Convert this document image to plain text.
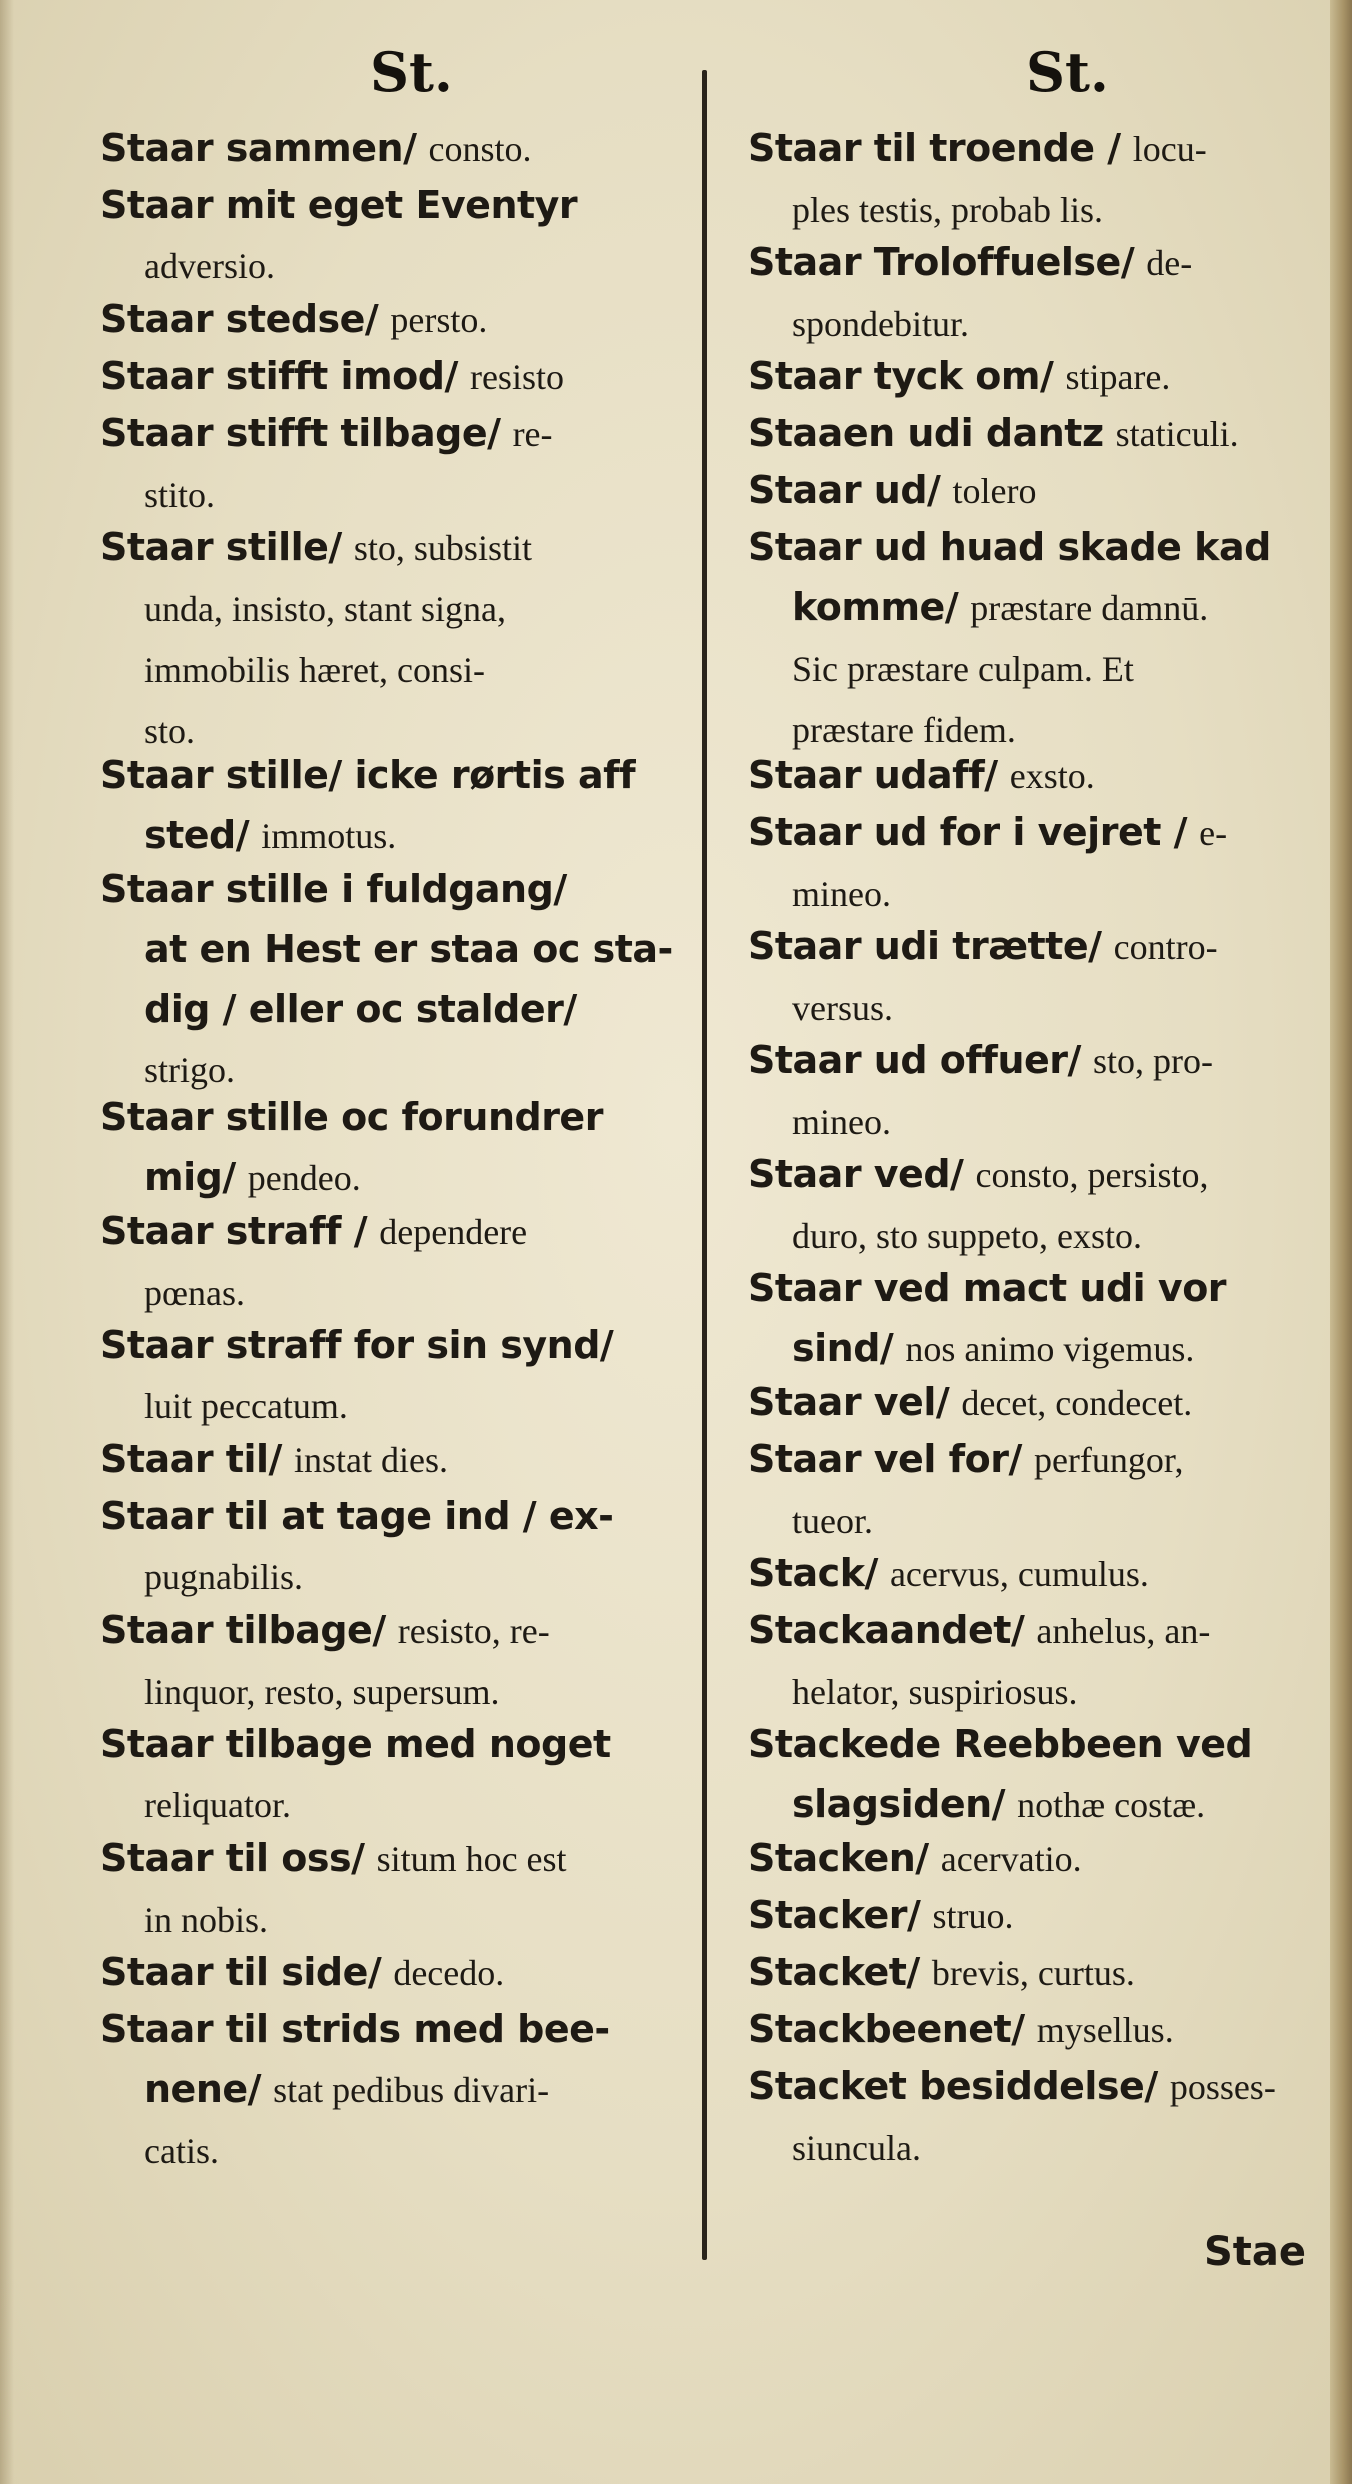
St.	St.
Staar sammen/ consto.
Staar mit eget Eventyr
adversio.
Staar stedse/ persto.
Staar stifft imod/ resisto
Staar stifft tilbage/ re-
stito.
Staar stille/ sto, subsistit
unda, insisto, stant signa,
immobilis hæret, consi-
sto.
Staar stille/ icke rørtis aff
sted/ immotus.
Staar stille i fuldgang/
at en Hest er staa oc sta-
dig / eller oc stalder/
strigo.
Staar stille oc forundrer
mig/ pendeo.
Staar straff / dependere
pœnas.
Staar straff for sin synd/
luit peccatum.
Staar til/ instat dies.
Staar til at tage ind / ex-
pugnabilis.
Staar tilbage/ resisto, re-
linquor, resto, supersum.
Staar tilbage med noget
reliquator.
Staar til oss/ situm hoc est
in nobis.
Staar til side/ decedo.
Staar til strids med bee-
nene/ stat pedibus divari-
catis.
Staar til troende / locu-
ples testis, probab lis.
Staar Troloffuelse/ de-
spondebitur.
Staar tyck om/ stipare.
Staaen udi dantz staticuli.
Staar ud/ tolero
Staar ud huad skade kad
komme/ præstare damnū.
Sic præstare culpam. Et
præstare fidem.
Staar udaff/ exsto.
Staar ud for i vejret / e-
mineo.
Staar udi trætte/ contro-
versus.
Staar ud offuer/ sto, pro-
mineo.
Staar ved/ consto, persisto,
duro, sto suppeto, exsto.
Staar ved mact udi vor
sind/ nos animo vigemus.
Staar vel/ decet, condecet.
Staar vel for/ perfungor,
tueor.
Stack/ acervus, cumulus.
Stackaandet/ anhelus, an-
helator, suspiriosus.
Stackede Reebbeen ved
slagsiden/ nothæ costæ.
Stacken/ acervatio.
Stacker/ struo.
Stacket/ brevis, curtus.
Stackbeenet/ mysellus.
Stacket besiddelse/ posses-
siuncula.
Stae
